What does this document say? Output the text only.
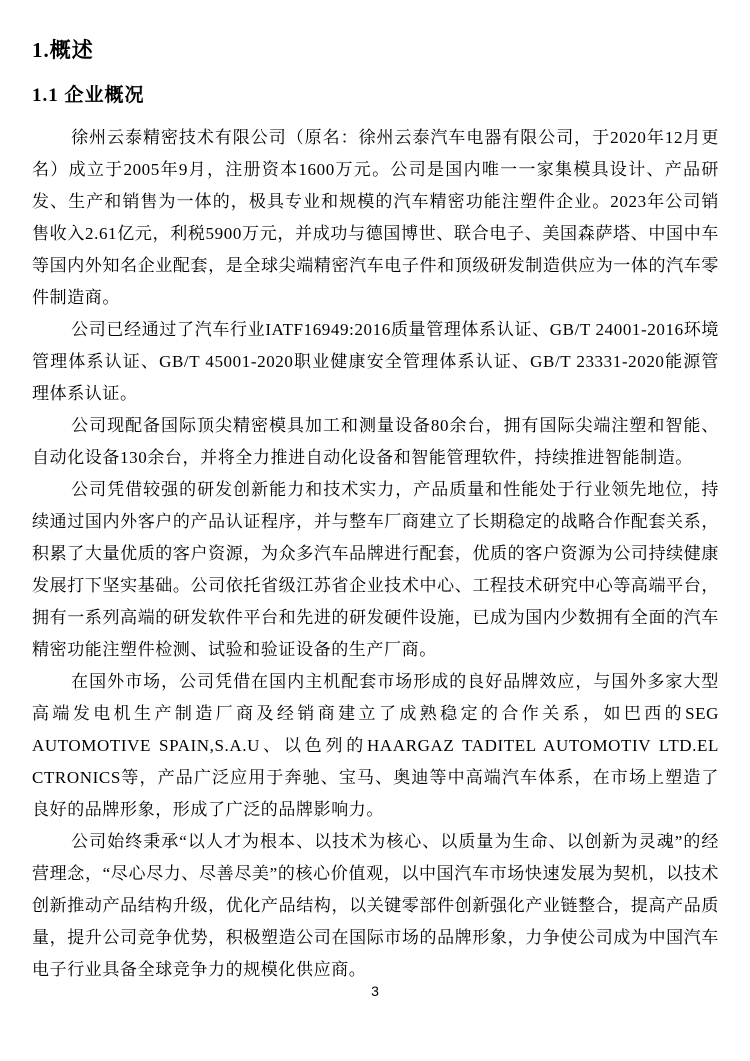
1.概述
1.1 企业概况

徐州云泰精密技术有限公司（原名：徐州云泰汽车电器有限公司，于2020年12月更名）成立于2005年9月，注册资本1600万元。公司是国内唯一一家集模具设计、产品研发、生产和销售为一体的，极具专业和规模的汽车精密功能注塑件企业。2023年公司销售收入2.61亿元，利税5900万元，并成功与德国博世、联合电子、美国森萨塔、中国中车等国内外知名企业配套，是全球尖端精密汽车电子件和顶级研发制造供应为一体的汽车零件制造商。

公司已经通过了汽车行业IATF16949:2016质量管理体系认证、GB/T 24001-2016环境管理体系认证、GB/T 45001-2020职业健康安全管理体系认证、GB/T 23331-2020能源管理体系认证。

公司现配备国际顶尖精密模具加工和测量设备80余台，拥有国际尖端注塑和智能、自动化设备130余台，并将全力推进自动化设备和智能管理软件，持续推进智能制造。

公司凭借较强的研发创新能力和技术实力，产品质量和性能处于行业领先地位，持续通过国内外客户的产品认证程序，并与整车厂商建立了长期稳定的战略合作配套关系，积累了大量优质的客户资源，为众多汽车品牌进行配套，优质的客户资源为公司持续健康发展打下坚实基础。公司依托省级江苏省企业技术中心、工程技术研究中心等高端平台，拥有一系列高端的研发软件平台和先进的研发硬件设施，已成为国内少数拥有全面的汽车精密功能注塑件检测、试验和验证设备的生产厂商。

在国外市场，公司凭借在国内主机配套市场形成的良好品牌效应，与国外多家大型高端发电机生产制造厂商及经销商建立了成熟稳定的合作关系，如巴西的SEG AUTOMOTIVE SPAIN,S.A.U、以色列的HAARGAZ TADITEL AUTOMOTIV LTD.EL CTRONICS等，产品广泛应用于奔驰、宝马、奥迪等中高端汽车体系，在市场上塑造了良好的品牌形象，形成了广泛的品牌影响力。

公司始终秉承“以人才为根本、以技术为核心、以质量为生命、以创新为灵魂”的经营理念，“尽心尽力、尽善尽美”的核心价值观，以中国汽车市场快速发展为契机，以技术创新推动产品结构升级，优化产品结构，以关键零部件创新强化产业链整合，提高产品质量，提升公司竞争优势，积极塑造公司在国际市场的品牌形象，力争使公司成为中国汽车电子行业具备全球竞争力的规模化供应商。

3
